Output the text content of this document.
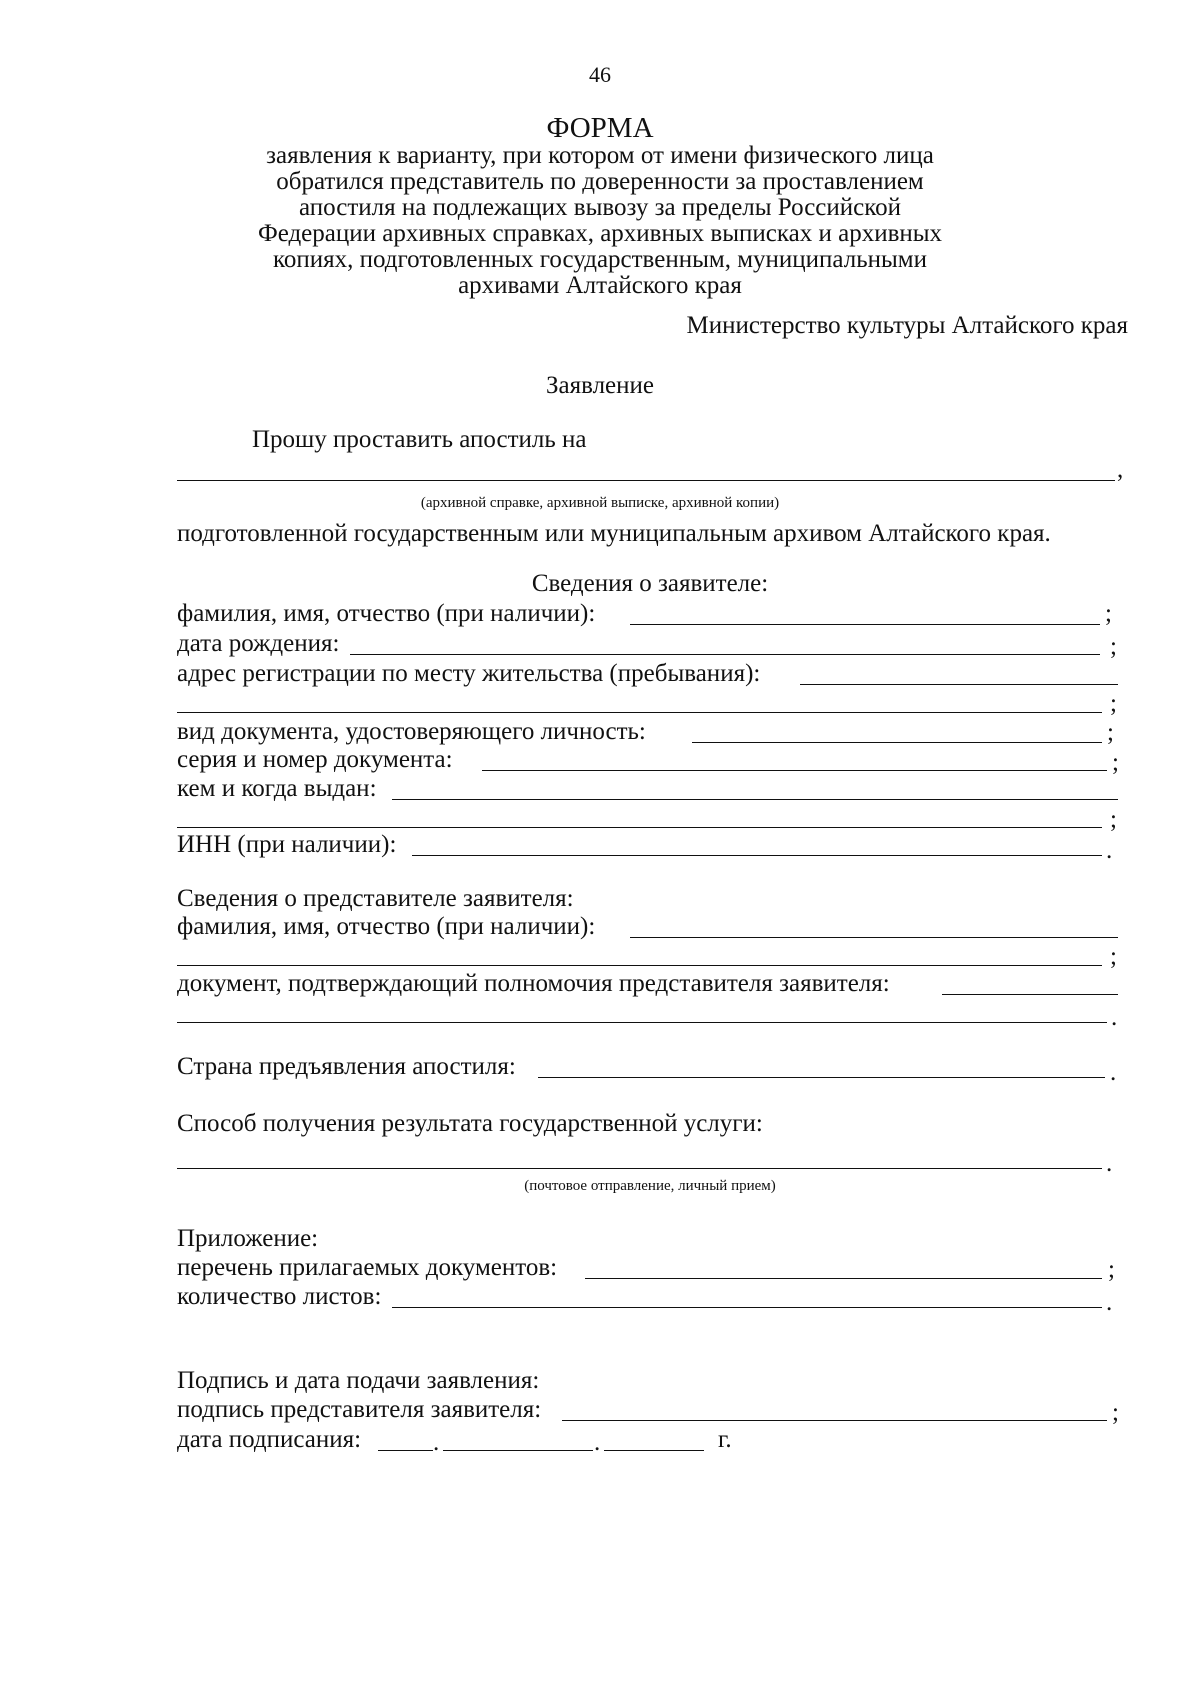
46
ФОРМА
заявления к варианту, при котором от имени физического лица
обратился представитель по доверенности за проставлением
апостиля на подлежащих вывозу за пределы Российской
Федерации архивных справках, архивных выписках и архивных
копиях, подготовленных государственным, муниципальными
архивами Алтайского края
Министерство культуры Алтайского края
Заявление
Прошу проставить апостиль на
,
(архивной справке, архивной выписке, архивной копии)
подготовленной государственным или муниципальным архивом Алтайского края.
Сведения о заявителе:
фамилия, имя, отчество (при наличии):	;
дата рождения:	;
адрес регистрации по месту жительства (пребывания):
;
вид документа, удостоверяющего личность:	;
серия и номер документа:	;
кем и когда выдан:
;
ИНН (при наличии):	.
Сведения о представителе заявителя:
фамилия, имя, отчество (при наличии):
;
документ, подтверждающий полномочия представителя заявителя:
.
Страна предъявления апостиля:	.
Способ получения результата государственной услуги:
.
(почтовое отправление, личный прием)
Приложение:
перечень прилагаемых документов:	;
количество листов:	.
Подпись и дата подачи заявления:
подпись представителя заявителя:	;
дата подписания:	.	.	г.
